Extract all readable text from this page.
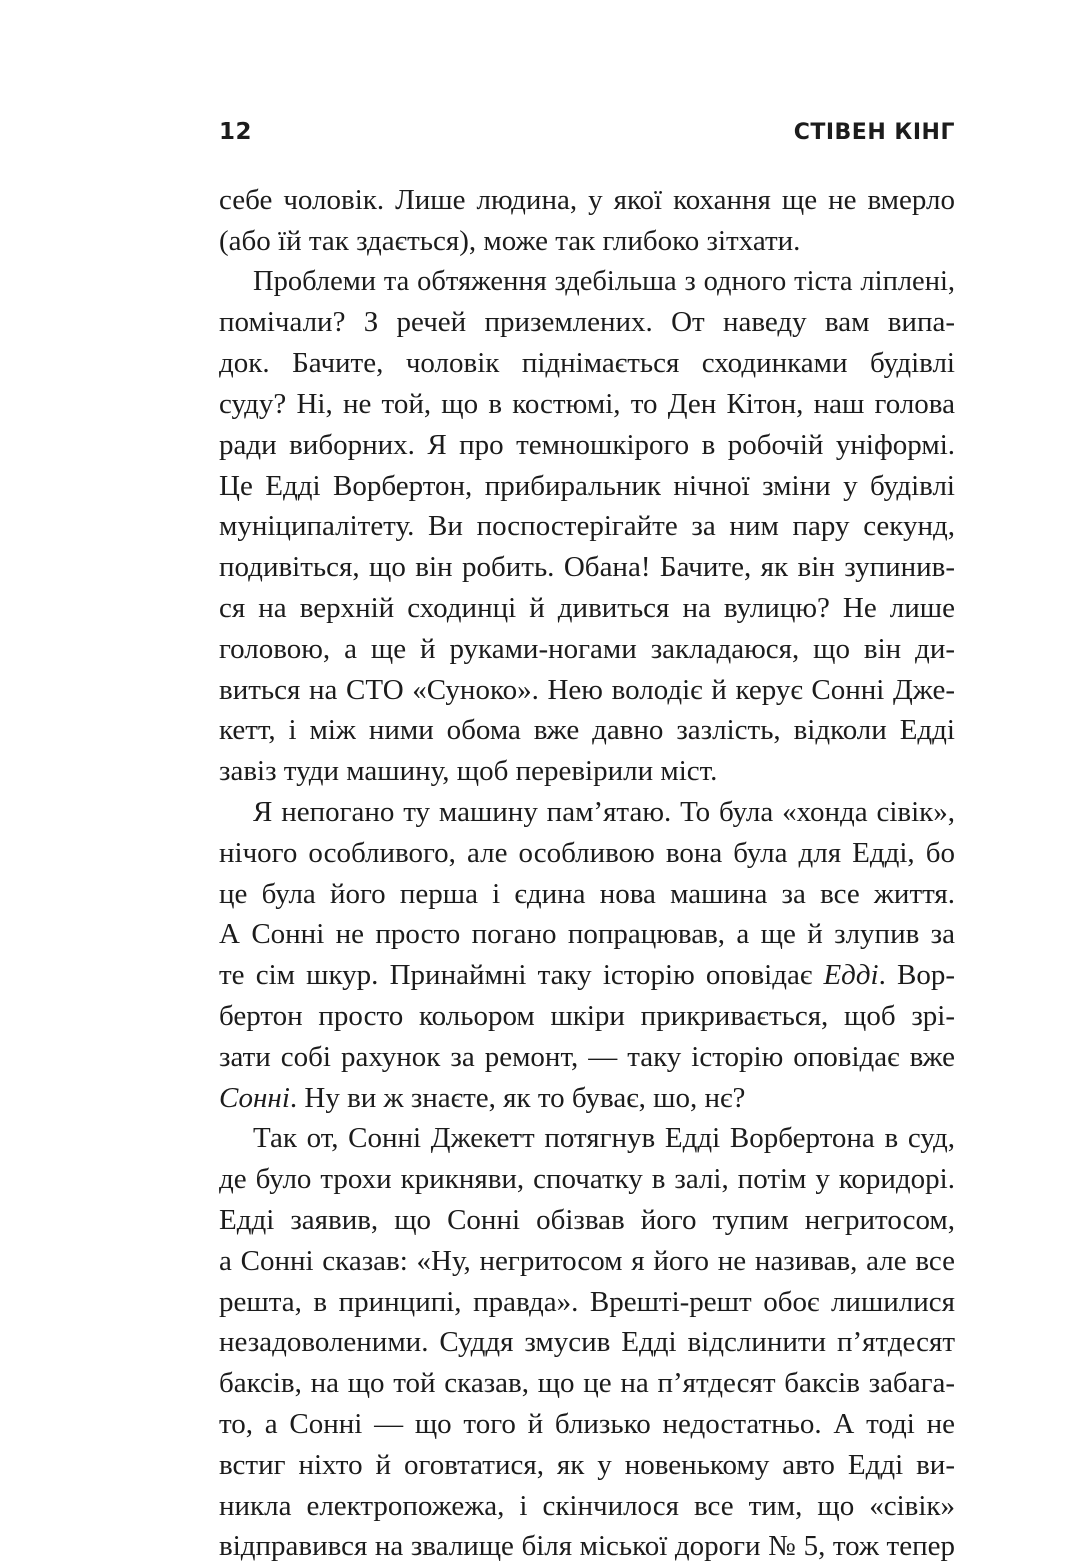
12	СТІВЕН КІНГ
себе чоловік. Лише людина, у якої кохання ще не вмерло
(або їй так здається), може так глибоко зітхати.
Проблеми та обтяження здебільша з одного тіста ліплені,
помічали? З речей приземлених. От наведу вам випа-
док. Бачите, чоловік піднімається сходинками будівлі
суду? Ні, не той, що в костюмі, то Ден Кітон, наш голова
ради виборних. Я про темношкірого в робочій уніформі.
Це Едді Ворбертон, прибиральник нічної зміни у будівлі
муніципалітету. Ви поспостерігайте за ним пару секунд,
подивіться, що він робить. Обана! Бачите, як він зупинив-
ся на верхній сходинці й дивиться на вулицю? Не лише
головою, а ще й руками-ногами закладаюся, що він ди-
виться на СТО «Суноко». Нею володіє й керує Сонні Дже-
кетт, і між ними обома вже давно зазлість, відколи Едді
завіз туди машину, щоб перевірили міст.
Я непогано ту машину пам’ятаю. То була «хонда сівік»,
нічого особливого, але особливою вона була для Едді, бо
це була його перша і єдина нова машина за все життя.
А Сонні не просто погано попрацював, а ще й злупив за
те сім шкур. Принаймні таку історію оповідає Едді. Вор-
бертон просто кольором шкіри прикривається, щоб зрі-
зати собі рахунок за ремонт, — таку історію оповідає вже
Сонні. Ну ви ж знаєте, як то буває, шо, нє?
Так от, Сонні Джекетт потягнув Едді Ворбертона в суд,
де було трохи крикняви, спочатку в залі, потім у коридорі.
Едді заявив, що Сонні обізвав його тупим негритосом,
а Сонні сказав: «Ну, негритосом я його не називав, але все
решта, в принципі, правда». Врешті-решт обоє лишилися
незадоволеними. Суддя змусив Едді відслинити п’ятдесят
баксів, на що той сказав, що це на п’ятдесят баксів забага-
то, а Сонні — що того й близько недостатньо. А тоді не
встиг ніхто й оговтатися, як у новенькому авто Едді ви-
никла електропожежа, і скінчилося все тим, що «сівік»
відправився на звалище біля міської дороги № 5, тож тепер
